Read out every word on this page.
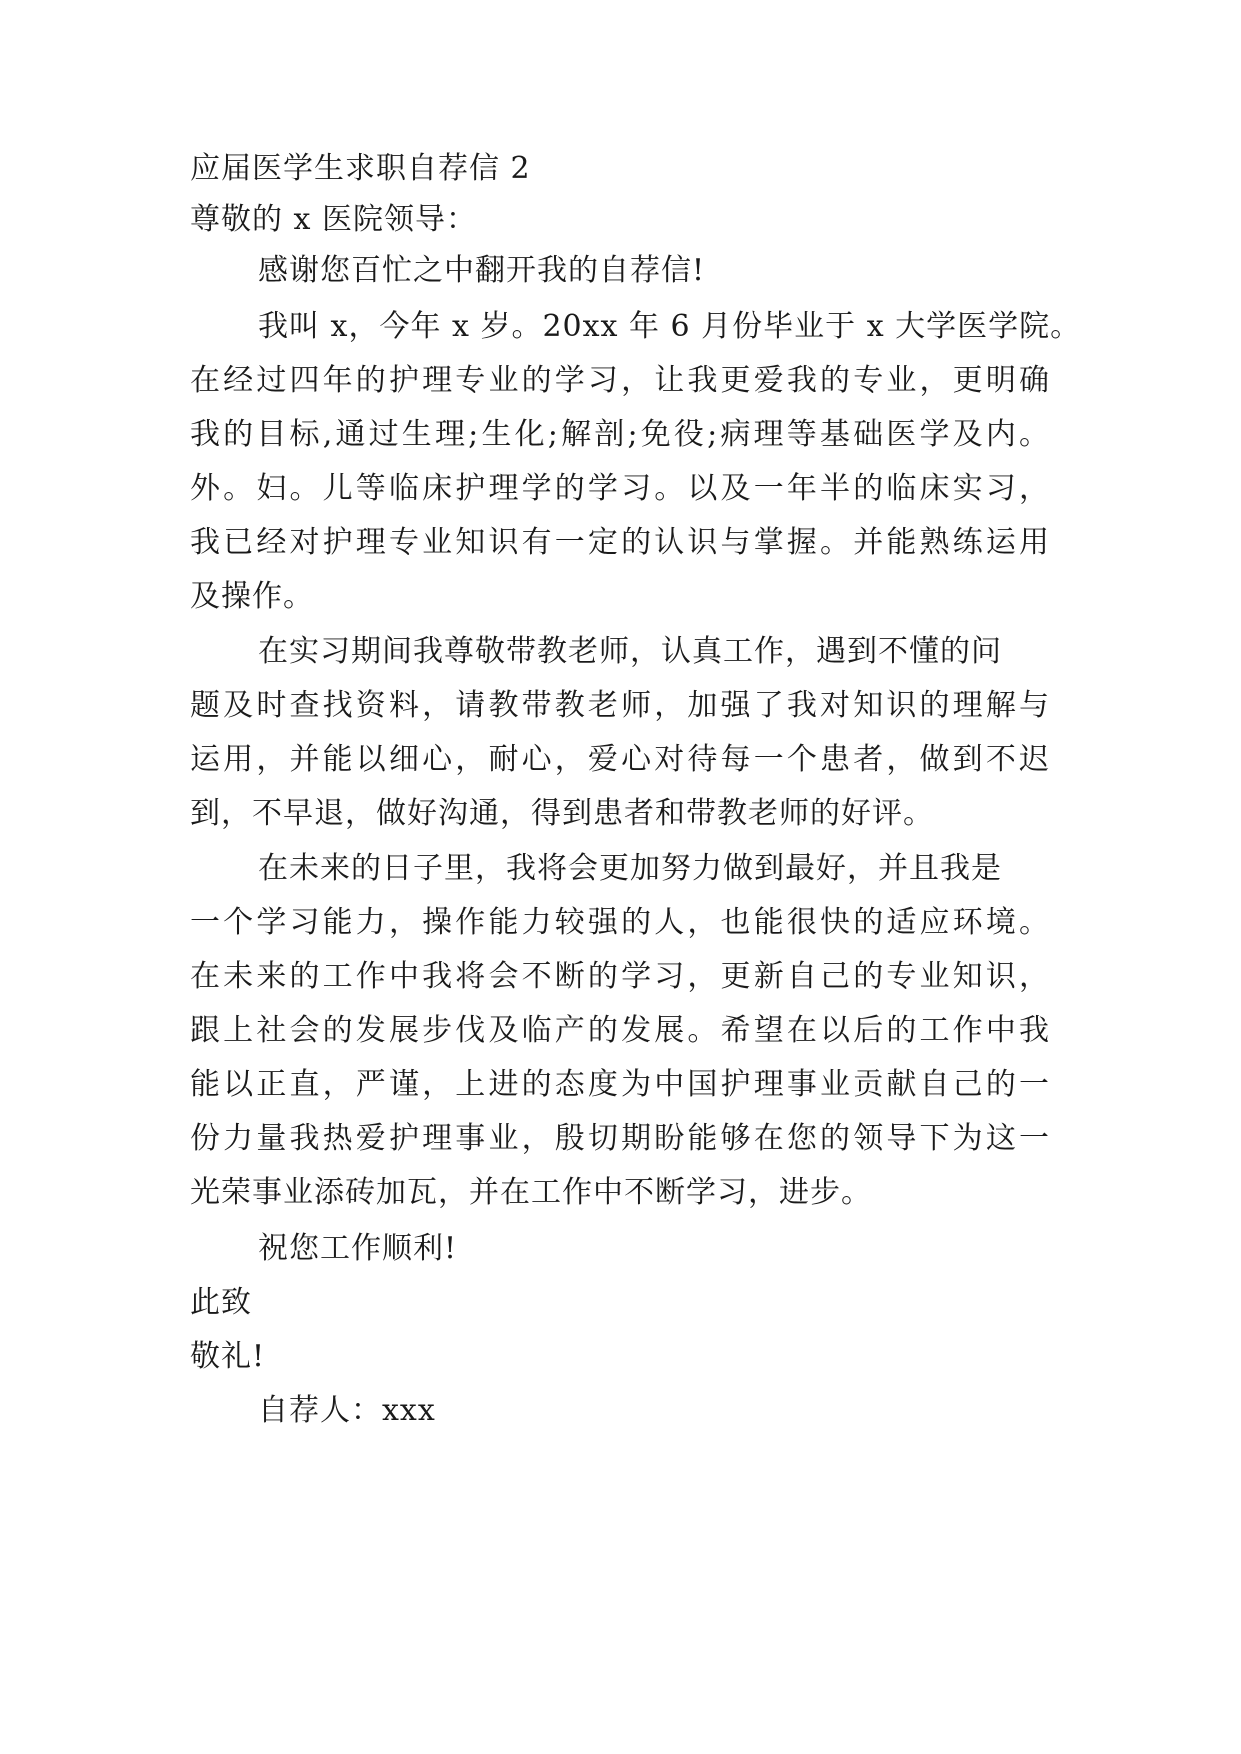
应届医学生求职自荐信 2
尊敬的 x 医院领导：
感谢您百忙之中翻开我的自荐信!
我叫 x，今年 x 岁。20xx 年 6 月份毕业于 x 大学医学院。
在经过四年的护理专业的学习，让我更爱我的专业，更明确
我的目标,通过生理;生化;解剖;免役;病理等基础医学及内。
外。妇。儿等临床护理学的学习。以及一年半的临床实习，
我已经对护理专业知识有一定的认识与掌握。并能熟练运用
及操作。
在实习期间我尊敬带教老师，认真工作，遇到不懂的问
题及时查找资料，请教带教老师，加强了我对知识的理解与
运用，并能以细心，耐心，爱心对待每一个患者，做到不迟
到，不早退，做好沟通，得到患者和带教老师的好评。
在未来的日子里，我将会更加努力做到最好，并且我是
一个学习能力，操作能力较强的人，也能很快的适应环境。
在未来的工作中我将会不断的学习，更新自己的专业知识，
跟上社会的发展步伐及临产的发展。希望在以后的工作中我
能以正直，严谨，上进的态度为中国护理事业贡献自己的一
份力量我热爱护理事业，殷切期盼能够在您的领导下为这一
光荣事业添砖加瓦，并在工作中不断学习，进步。
祝您工作顺利!
此致
敬礼!
自荐人：xxx
